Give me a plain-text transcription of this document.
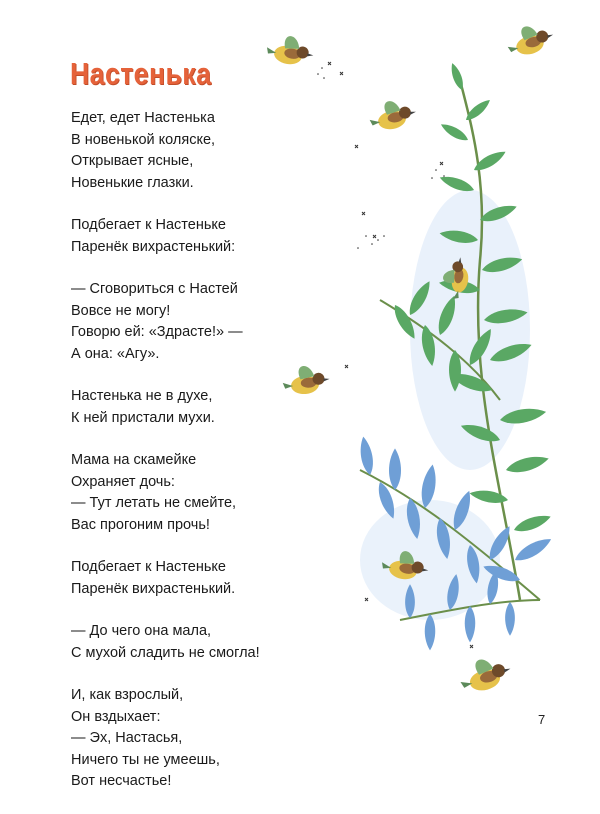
Настенька
Едет, едет Настенька
В новенькой коляске,
Открывает ясные,
Новенькие глазки.
Подбегает к Настеньке
Паренёк вихрастенький:
— Сговориться с Настей
Вовсе не могу!
Говорю ей: «Здрасте!» —
А она: «Агу».
Настенька не в духе,
К ней пристали мухи.
Мама на скамейке
Охраняет дочь:
— Тут летать не смейте,
Вас прогоним прочь!
Подбегает к Настеньке
Паренёк вихрастенький.
— До чего она мала,
С мухой сладить не смогла!
И, как взрослый,
Он вздыхает:
— Эх, Настасья,
Ничего ты не умеешь,
Вот несчастье!
7
